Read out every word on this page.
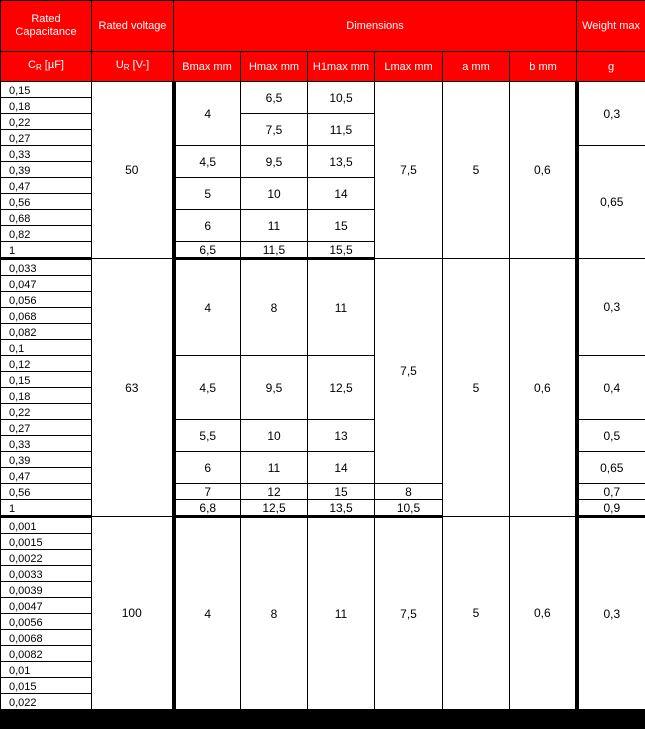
Rated Capacitance	Rated voltage	Dimensions						Weight max
$C_R$ [µF]	$U_R$ [V-]	Bmax mm	Hmax mm	H1max mm	Lmax mm	a mm	b mm	g
0,15	50	4	6,5	10,5	7,5	5	0,6	0,3
0,18								
0,22			7,5	11,5				
0,27								
0,33		4,5	9,5	13,5				0,65
0,39								
0,47		5	10	14				
0,56								
0,68		6	11	15				
0,82								
1		6,5	11,5	15,5				
0,033	63	4	8	11	7,5	5	0,6	0,3
0,047								
0,056								
0,068								
0,082								
0,1								
0,12		4,5	9,5	12,5				0,4
0,15								
0,18								
0,22								
0,27		5,5	10	13				0,5
0,33								
0,39		6	11	14				0,65
0,47								
0,56		7	12	15	8			0,7
1		6,8	12,5	13,5	10,5			0,9
0,001	100	4	8	11	7,5	5	0,6	0,3
0,0015								
0,0022								
0,0033								
0,0039								
0,0047								
0,0056								
0,0068								
0,0082								
0,01								
0,015								
0,022								
